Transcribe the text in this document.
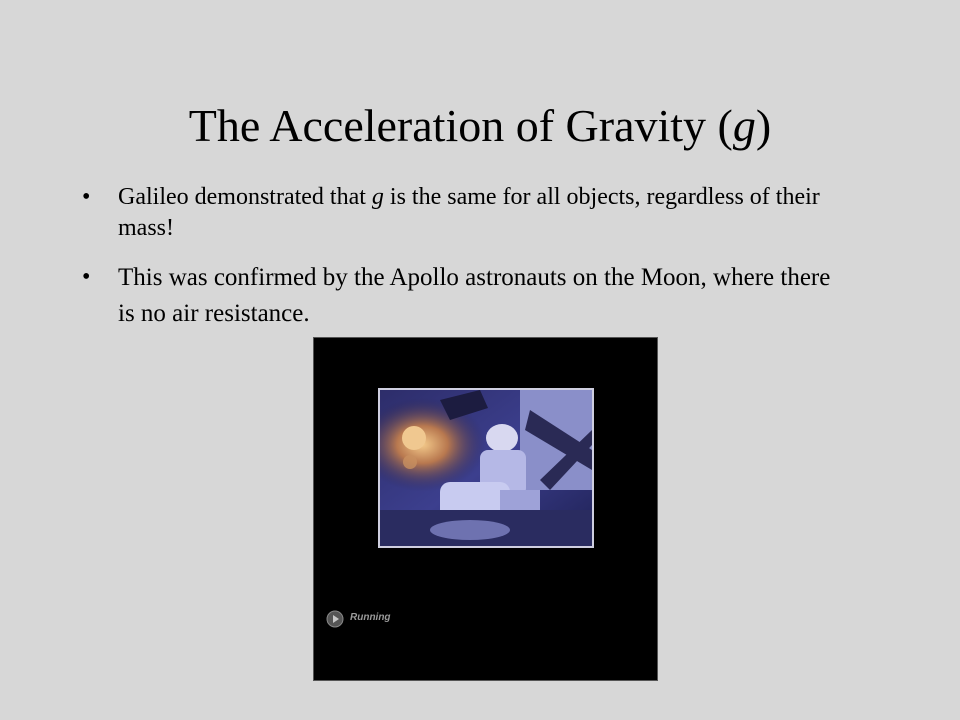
The Acceleration of Gravity (g)
• Galileo demonstrated that g is the same for all objects, regardless of their mass!
• This was confirmed by the Apollo astronauts on the Moon, where there is no air resistance.
Running
